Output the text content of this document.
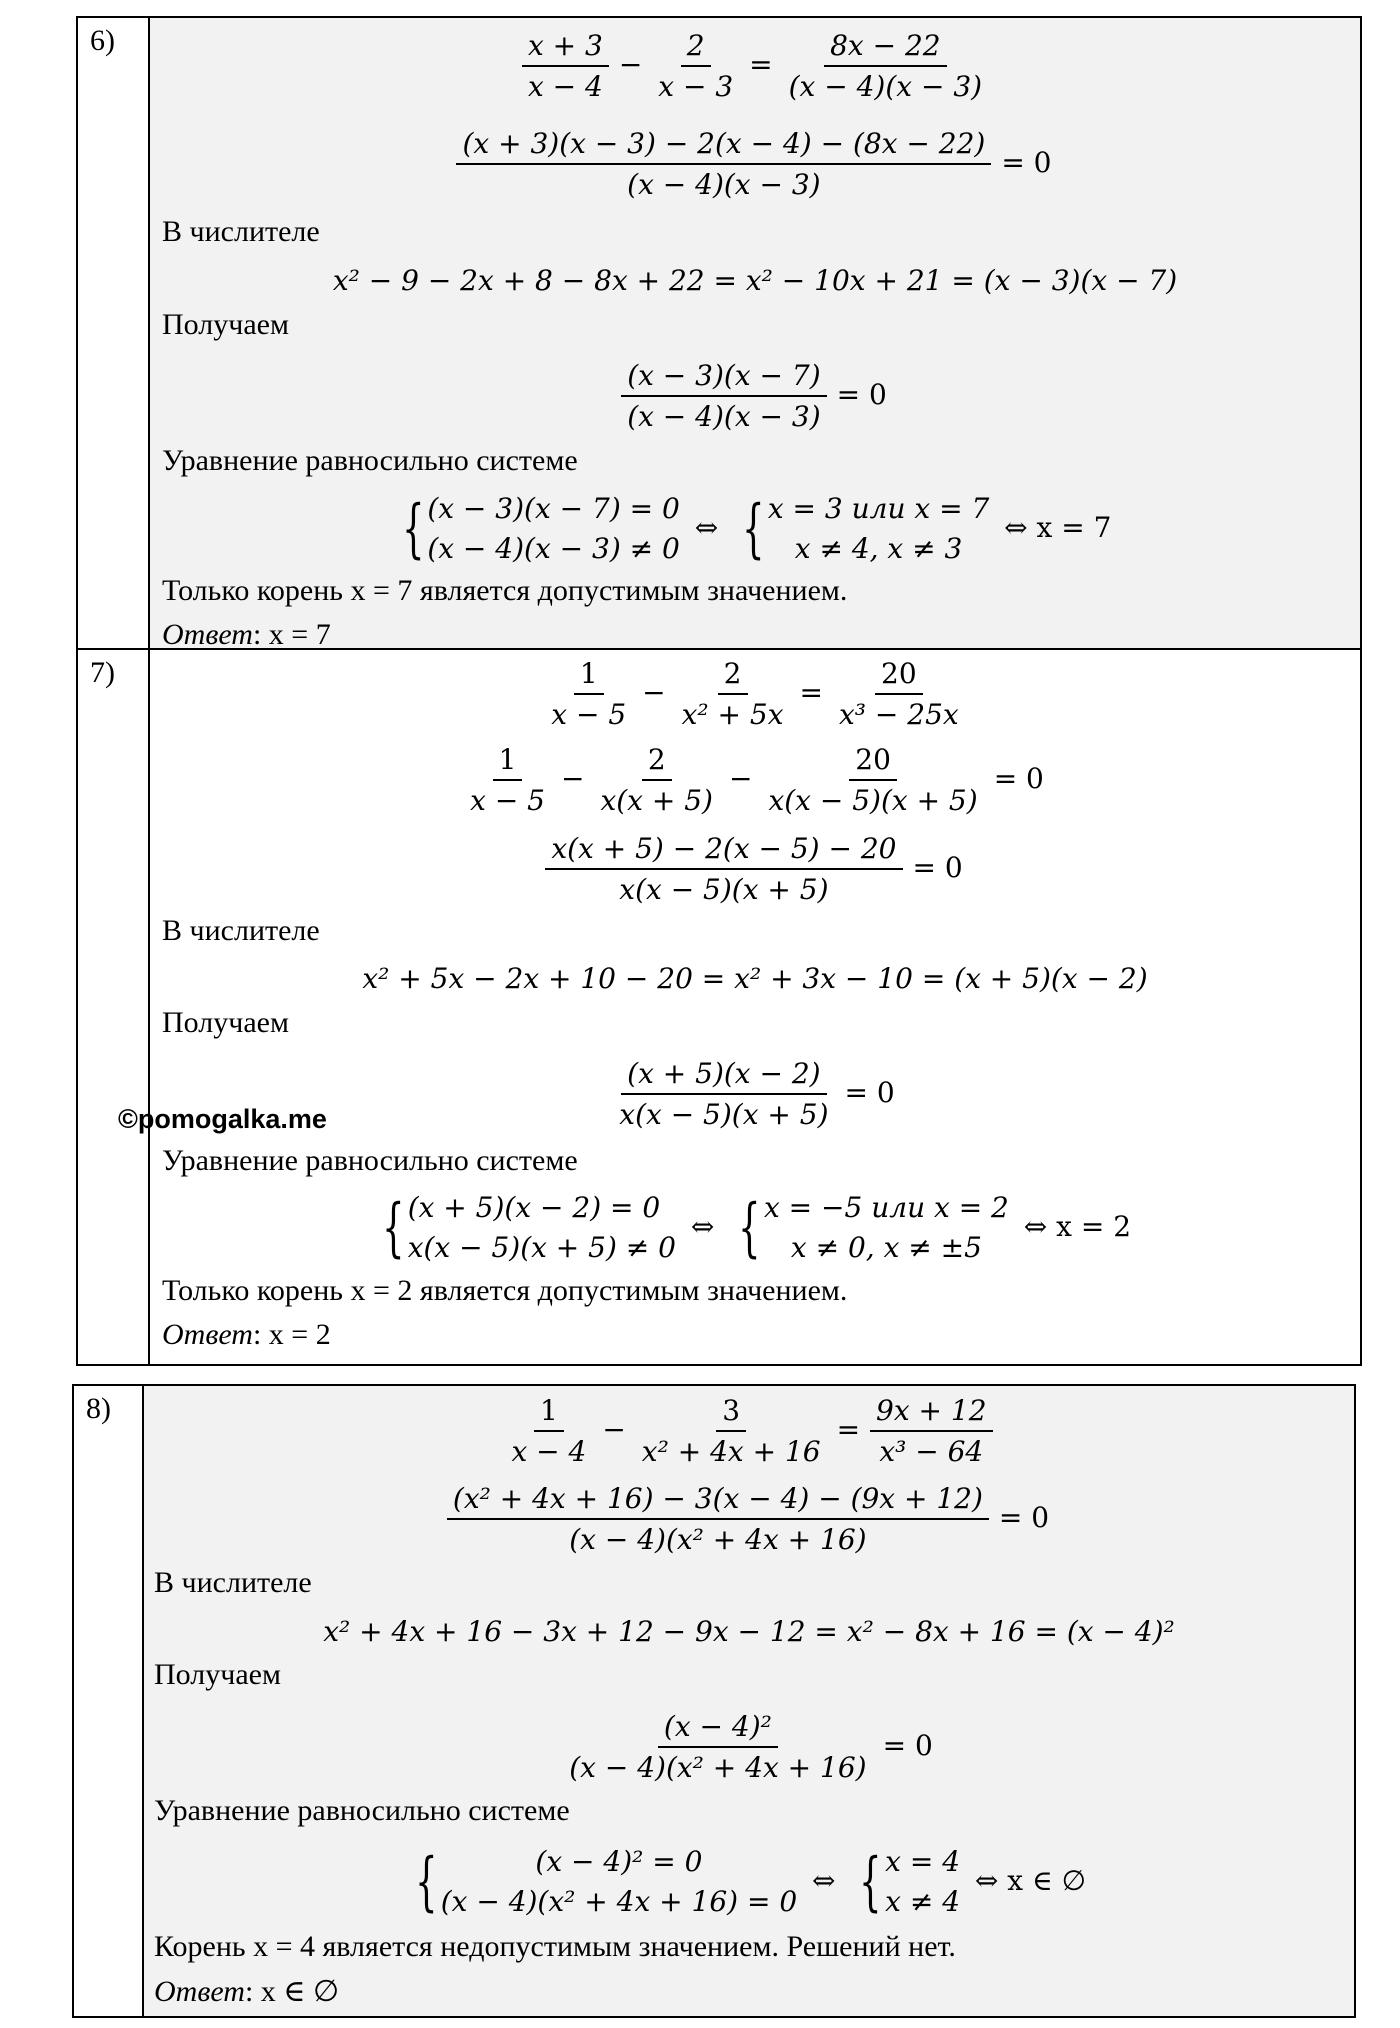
6)	$\frac{x + 3}{x - 4} - \frac{2}{x - 3} = \frac{8x - 22}{(x - 4)(x - 3)}$
$\frac{(x + 3)(x - 3) - 2(x - 4) - (8x - 22)}{(x - 4)(x - 3)} = 0$
В числителе
x² − 9 − 2x + 8 − 8x + 22 = x² − 10x + 21 = (x − 3)(x − 7)
Получаем
$\frac{(x - 3)(x - 7)}{(x - 4)(x - 3)} = 0$
Уравнение равносильно системе
{ (x − 3)(x − 7) = 0
(x − 4)(x − 3) ≠ 0
⇔ { x = 3 или x = 7
x ≠ 4, x ≠ 3
⇔ x = 7
Только корень x = 7 является допустимым значением.
Ответ: x = 7
7)	$\frac{1}{x - 5} - \frac{2}{\text{x² + 5x}} = \frac{20}{\text{x³ − 25x}}$
$\frac{1}{x - 5} - \frac{2}{x(x + 5)} - \frac{20}{x(x - 5)(x + 5)} = 0$
$\frac{x(x + 5) - 2(x - 5) - 20}{x(x - 5)(x + 5)} = 0$
В числителе
x² + 5x − 2x + 10 − 20 = x² + 3x − 10 = (x + 5)(x − 2)
Получаем
$\frac{(x + 5)(x - 2)}{x(x - 5)(x + 5)} = 0$
Уравнение равносильно системе
{ (x + 5)(x − 2) = 0
x(x − 5)(x + 5) ≠ 0
⇔ { x = −5 или x = 2
x ≠ 0, x ≠ ±5
⇔ x = 2
Только корень x = 2 является допустимым значением.
Ответ: x = 2
©pomogalka.me
8)	$\frac{1}{x - 4} - \frac{3}{\text{x² + 4x + 16}} = \frac{9x + 12}{\text{x³ − 64}}$
$\frac{\text{(x² + 4x + 16) − 3(x − 4) − (9x + 12)}}{\text{(x − 4)(x² + 4x + 16)}} = 0$
В числителе
x² + 4x + 16 − 3x + 12 − 9x − 12 = x² − 8x + 16 = (x − 4)²
Получаем
$\frac{\text{(x − 4)²}}{\text{(x − 4)(x² + 4x + 16)}} = 0$
Уравнение равносильно системе
{	(x − 4)² = 0
(x − 4)(x² + 4x + 16) = 0
⇔ { x = 4
x ≠ 4
⇔ x ∈ ∅
Корень x = 4 является недопустимым значением. Решений нет.
Ответ: x ∈ ∅
